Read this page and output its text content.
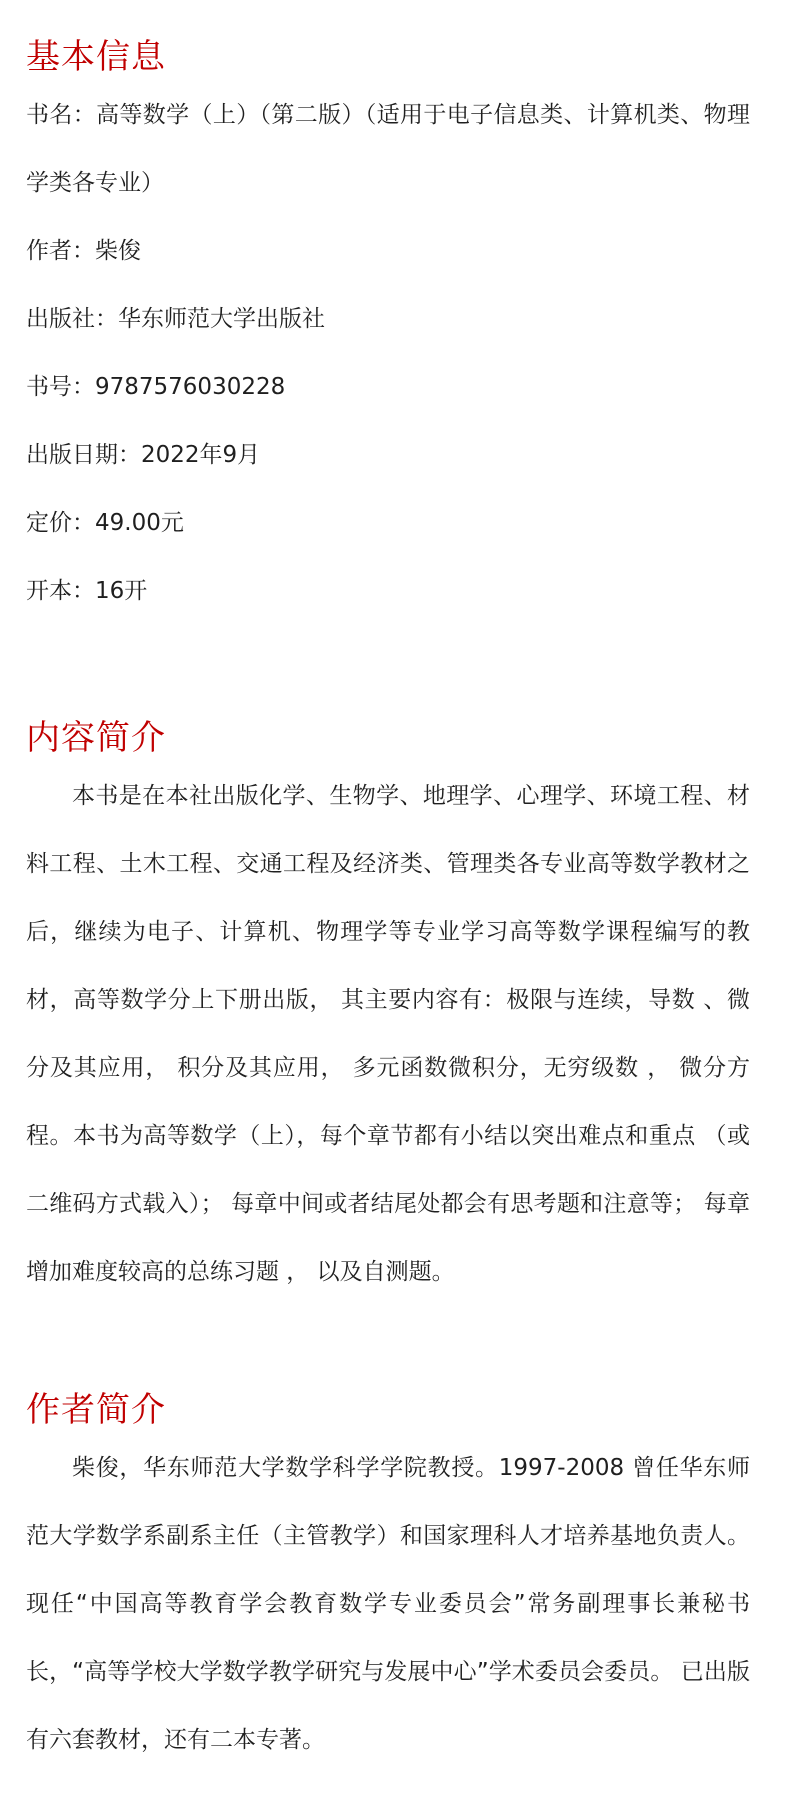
基本信息

书名：高等数学（上）（第二版）（适用于电子信息类、计算机类、物理学类各专业）

作者：柴俊

出版社：华东师范大学出版社

书号：9787576030228

出版日期：2022年9月

定价：49.00元

开本：16开

内容简介

本书是在本社出版化学、生物学、地理学、心理学、环境工程、材料工程、土木工程、交通工程及经济类、管理类各专业高等数学教材之后，继续为电子、计算机、物理学等专业学习高等数学课程编写的教材，高等数学分上下册出版， 其主要内容有：极限与连续，导数 、微分及其应用， 积分及其应用， 多元函数微积分，无穷级数 ， 微分方程。本书为高等数学（上），每个章节都有小结以突出难点和重点 （或二维码方式载入）； 每章中间或者结尾处都会有思考题和注意等； 每章增加难度较高的总练习题 ， 以及自测题。

作者简介

柴俊，华东师范大学数学科学学院教授。1997-2008 曾任华东师范大学数学系副系主任（主管教学）和国家理科人才培养基地负责人。现任“中国高等教育学会教育数学专业委员会”常务副理事长兼秘书长，“高等学校大学数学教学研究与发展中心”学术委员会委员。 已出版有六套教材，还有二本专著。
